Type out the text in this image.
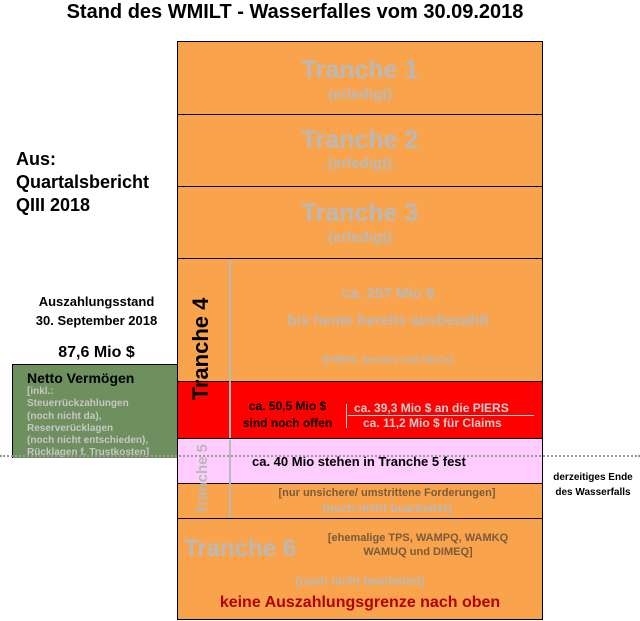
Stand des WMILT - Wasserfalles vom 30.09.2018
Aus:
Quartalsbericht
QIII 2018
Auszahlungsstand
30. September 2018
87,6 Mio $
Netto Vermögen
[inkl.:
Steuerrückzahlungen
(noch nicht da),
Reserverücklagen
(noch nicht entschieden),
Rücklagen f. Trustkosten]
Tranche 1
(erledigt)
Tranche 2
(erledigt)
Tranche 3
(erledigt)
ca. 257 Mio $
bis heute bereits ausbezahlt
[PIERS, Seniors und GUCs]
ca. 50,5 Mio $
sind noch offen
ca. 39,3 Mio $ an die PIERS
ca. 11,2 Mio $ für Claims
Tranche 4
ca. 40 Mio stehen in Tranche 5 fest
[nur unsichere/ umstrittene Forderungen]
(noch nicht bearbeitet)
Tranche 5
Tranche 6	[ehemalige TPS, WAMPQ, WAMKQ
WAMUQ und DIMEQ]
(noch nicht bearbeitet)
keine Auszahlungsgrenze nach oben
derzeitiges Ende
des Wasserfalls
